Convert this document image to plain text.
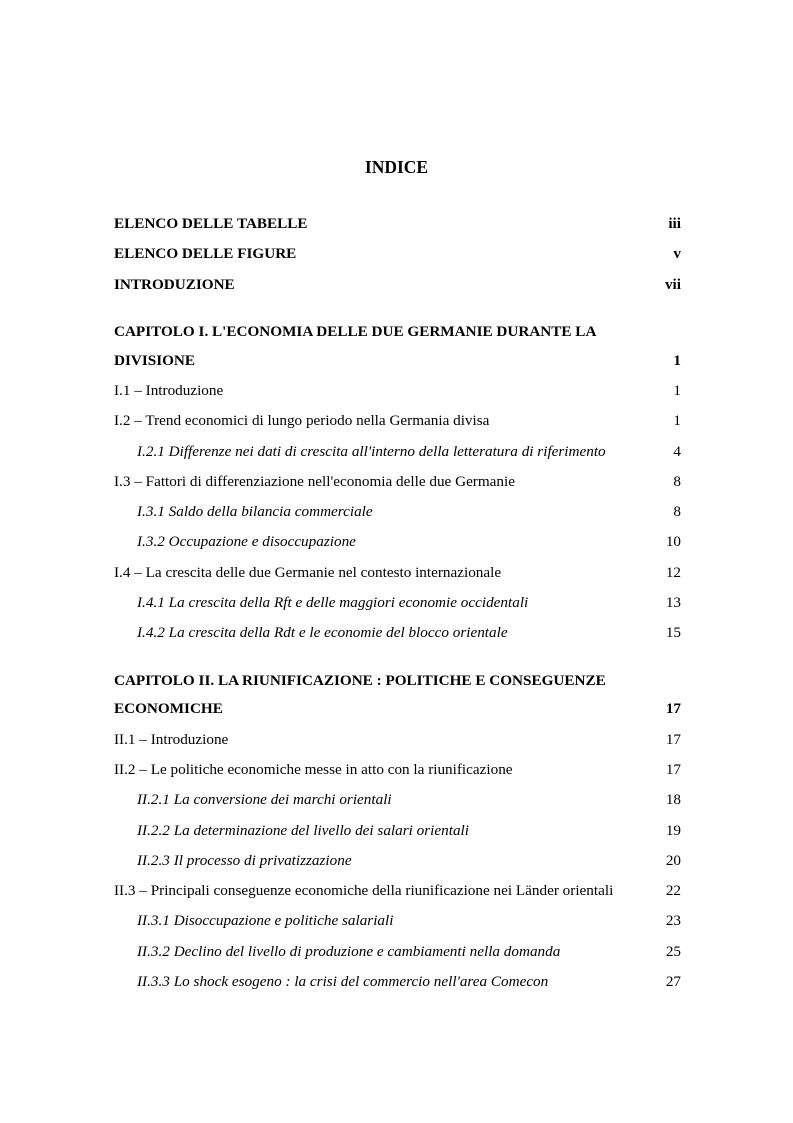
INDICE
ELENCO DELLE TABELLE	iii
ELENCO DELLE FIGURE	v
INTRODUZIONE	vii
CAPITOLO I. L'ECONOMIA DELLE DUE GERMANIE DURANTE LA
DIVISIONE	1
I.1 – Introduzione	1
I.2 – Trend economici di lungo periodo nella Germania divisa	1
I.2.1 Differenze nei dati di crescita all'interno della letteratura di riferimento	4
I.3 – Fattori di differenziazione nell'economia delle due Germanie	8
I.3.1 Saldo della bilancia commerciale	8
I.3.2 Occupazione e disoccupazione	10
I.4 – La crescita delle due Germanie nel contesto internazionale	12
I.4.1 La crescita della Rft e delle maggiori economie occidentali	13
I.4.2 La crescita della Rdt e le economie del blocco orientale	15
CAPITOLO II. LA RIUNIFICAZIONE : POLITICHE E CONSEGUENZE
ECONOMICHE	17
II.1 – Introduzione	17
II.2 – Le politiche economiche messe in atto con la riunificazione	17
II.2.1 La conversione dei marchi orientali	18
II.2.2 La determinazione del livello dei salari orientali	19
II.2.3 Il processo di privatizzazione	20
II.3 – Principali conseguenze economiche della riunificazione nei Länder orientali	22
II.3.1 Disoccupazione e politiche salariali	23
II.3.2 Declino del livello di produzione e cambiamenti nella domanda	25
II.3.3 Lo shock esogeno : la crisi del commercio nell'area Comecon	27
